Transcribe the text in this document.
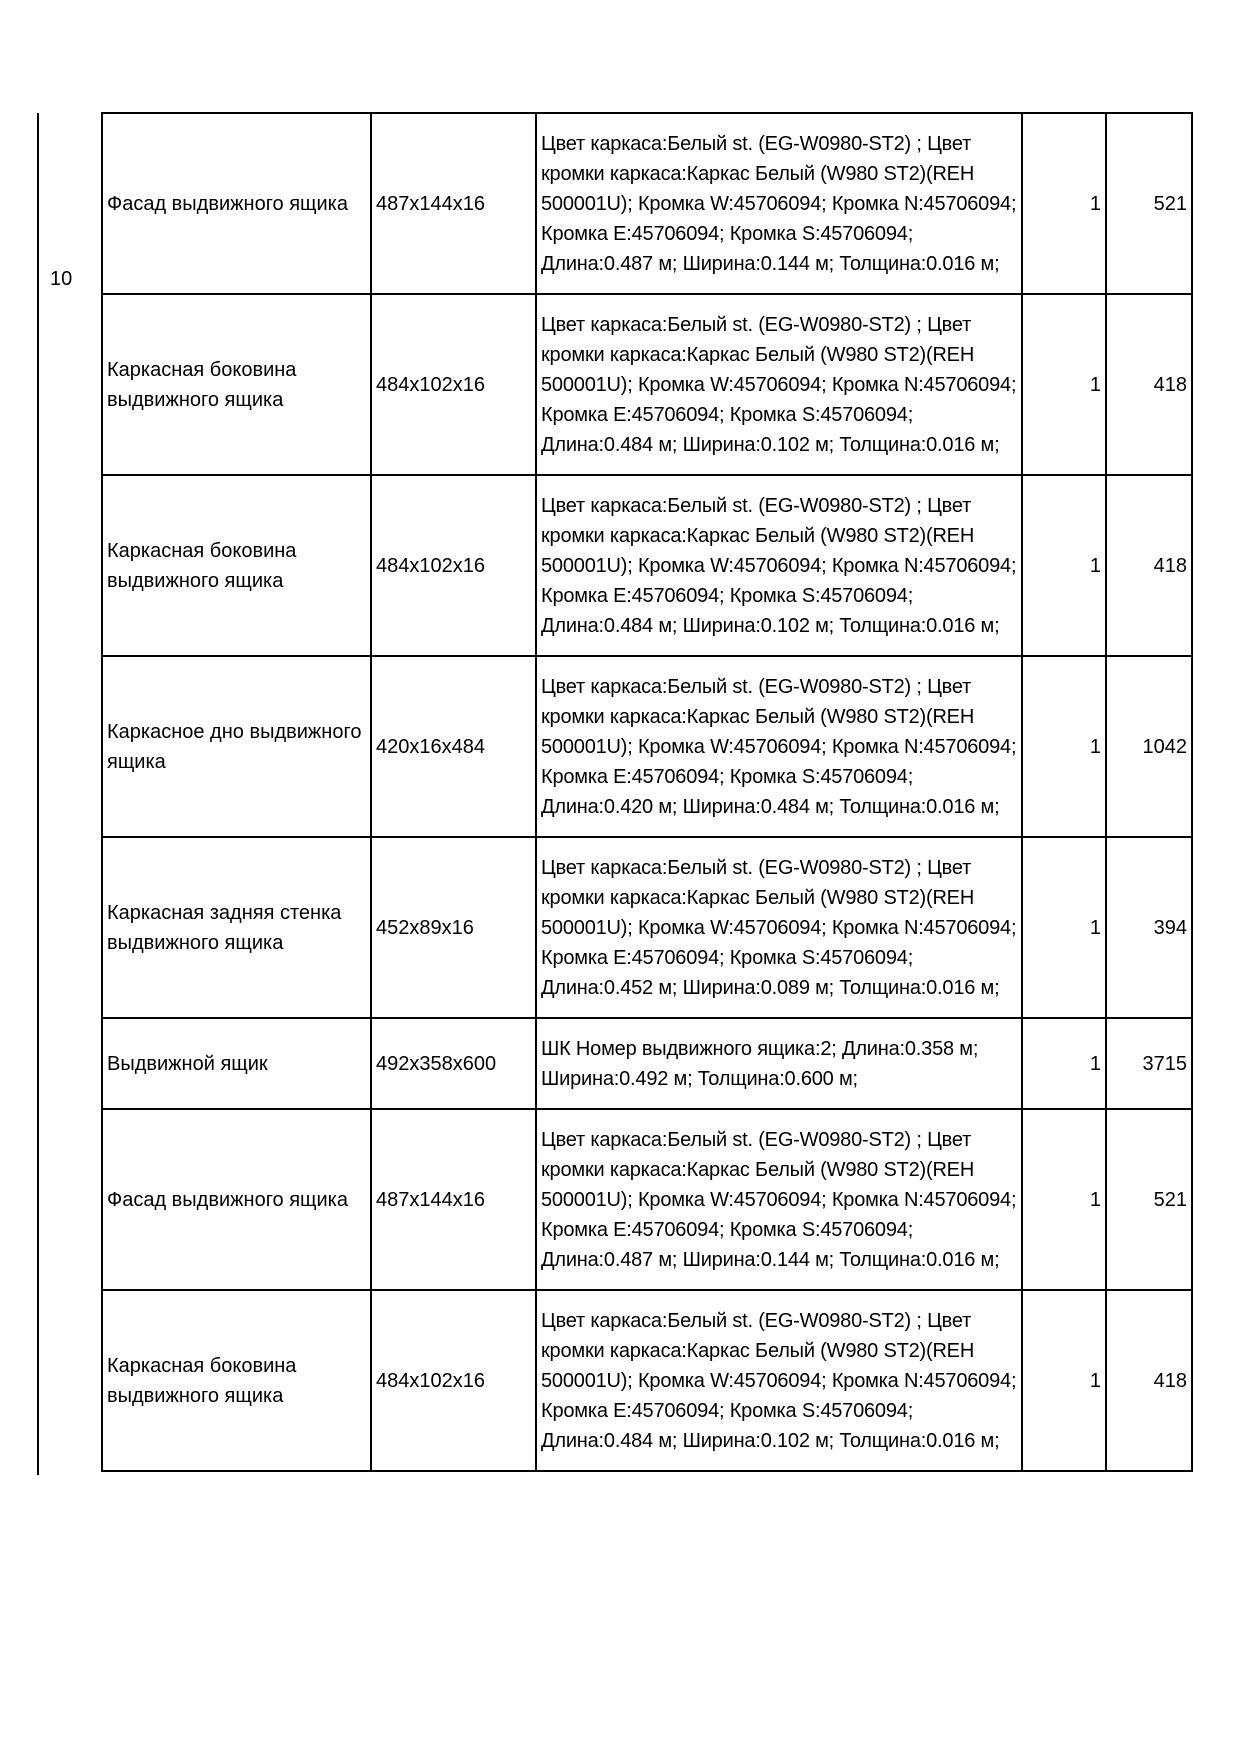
10
Фасад выдвижного ящика	487x144x16	Цвет каркаса:Белый st. (EG-W0980-ST2) ; Цвет кромки каркаса:Каркас Белый (W980 ST2)(REH 500001U); Кромка W:45706094; Кромка N:45706094; Кромка E:45706094; Кромка S:45706094; Длина:0.487 м; Ширина:0.144 м; Толщина:0.016 м;	1	521
Каркасная боковина выдвижного ящика	484x102x16	Цвет каркаса:Белый st. (EG-W0980-ST2) ; Цвет кромки каркаса:Каркас Белый (W980 ST2)(REH 500001U); Кромка W:45706094; Кромка N:45706094; Кромка E:45706094; Кромка S:45706094; Длина:0.484 м; Ширина:0.102 м; Толщина:0.016 м;	1	418
Каркасная боковина выдвижного ящика	484x102x16	Цвет каркаса:Белый st. (EG-W0980-ST2) ; Цвет кромки каркаса:Каркас Белый (W980 ST2)(REH 500001U); Кромка W:45706094; Кромка N:45706094; Кромка E:45706094; Кромка S:45706094; Длина:0.484 м; Ширина:0.102 м; Толщина:0.016 м;	1	418
Каркасное дно выдвижного ящика	420x16x484	Цвет каркаса:Белый st. (EG-W0980-ST2) ; Цвет кромки каркаса:Каркас Белый (W980 ST2)(REH 500001U); Кромка W:45706094; Кромка N:45706094; Кромка E:45706094; Кромка S:45706094; Длина:0.420 м; Ширина:0.484 м; Толщина:0.016 м;	1	1042
Каркасная задняя стенка выдвижного ящика	452x89x16	Цвет каркаса:Белый st. (EG-W0980-ST2) ; Цвет кромки каркаса:Каркас Белый (W980 ST2)(REH 500001U); Кромка W:45706094; Кромка N:45706094; Кромка E:45706094; Кромка S:45706094; Длина:0.452 м; Ширина:0.089 м; Толщина:0.016 м;	1	394
Выдвижной ящик	492x358x600	ШК Номер выдвижного ящика:2; Длина:0.358 м; Ширина:0.492 м; Толщина:0.600 м;	1	3715
Фасад выдвижного ящика	487x144x16	Цвет каркаса:Белый st. (EG-W0980-ST2) ; Цвет кромки каркаса:Каркас Белый (W980 ST2)(REH 500001U); Кромка W:45706094; Кромка N:45706094; Кромка E:45706094; Кромка S:45706094; Длина:0.487 м; Ширина:0.144 м; Толщина:0.016 м;	1	521
Каркасная боковина выдвижного ящика	484x102x16	Цвет каркаса:Белый st. (EG-W0980-ST2) ; Цвет кромки каркаса:Каркас Белый (W980 ST2)(REH 500001U); Кромка W:45706094; Кромка N:45706094; Кромка E:45706094; Кромка S:45706094; Длина:0.484 м; Ширина:0.102 м; Толщина:0.016 м;	1	418
